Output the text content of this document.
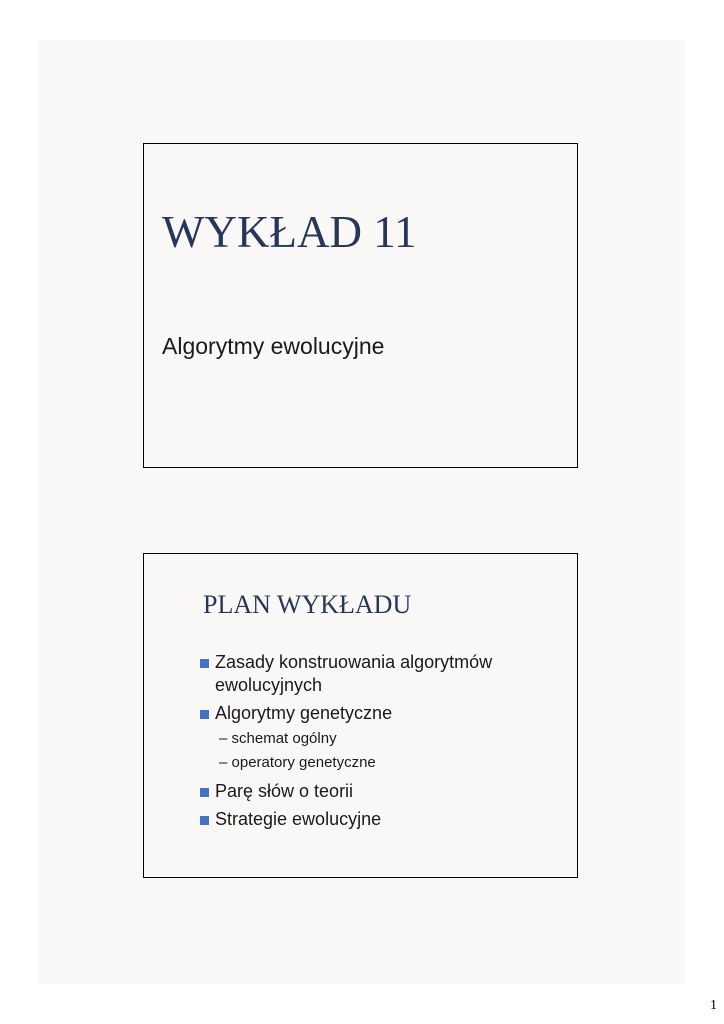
WYKŁAD 11

Algorytmy ewolucyjne

PLAN WYKŁADU
Zasady konstruowania algorytmów ewolucyjnych
Algorytmy genetyczne
– schemat ogólny
– operatory genetyczne
Parę słów o teorii
Strategie ewolucyjne
1
